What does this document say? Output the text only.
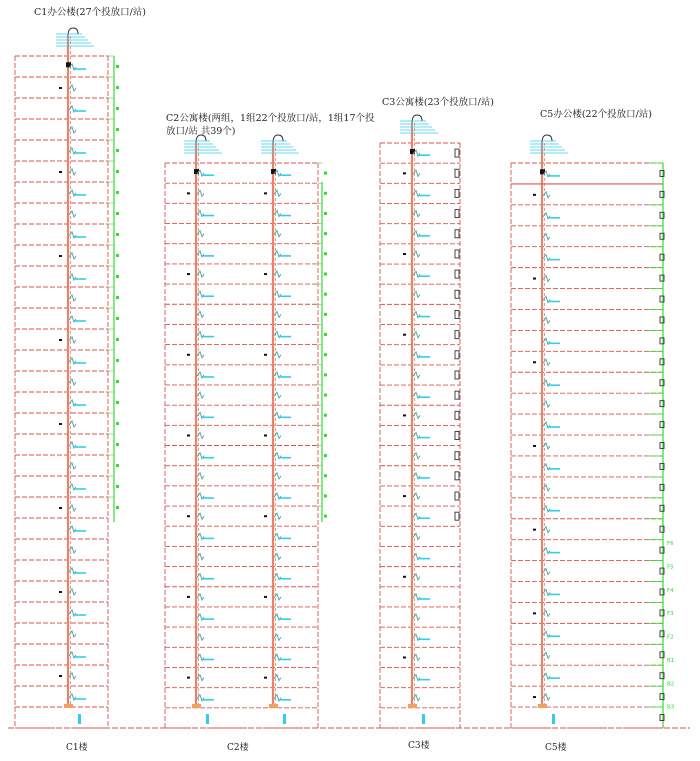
F6
F5
F4
F3
F2
B1
B2
B3
C1办公楼(27个投放口/站)
C2公寓楼(两组，1组22个投放口/站，1组17个投
放口/站 共39个)
C3公寓楼(23个投放口/站)
C5办公楼(22个投放口/站)
C1楼	C2楼	C3楼	C5楼
